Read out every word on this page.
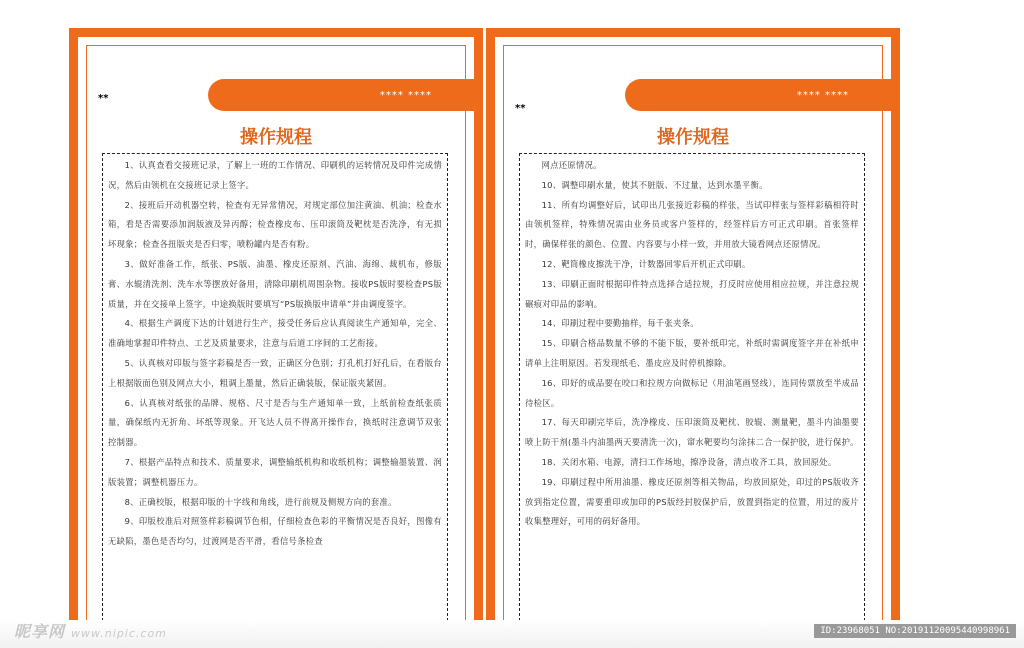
**** ****
**
操作规程

1、认真查看交接班记录，了解上一班的工作情况、印刷机的运转情况及印件完成情况，然后由领机在交接班记录上签字。

2、接班后开动机器空转，检查有无异常情况，对规定部位加注黄油、机油；检查水箱，看是否需要添加润版液及异丙醇；检查橡皮布、压印滚筒及靶枕是否洗净，有无损坏现象；检查各扭版夹是否归零，喷粉罐内是否有粉。

3、做好准备工作，纸张、PS版、油墨、橡皮还原剂、汽油、海绵、裁机布，修版膏、水辊清洗剂、洗车水等摆放好备用，清除印刷机周围杂物。接收PS版时要检查PS版质量，并在交接单上签字，中途换版时要填写“PS版换版申请单”并由调度签字。

4、根据生产调度下达的计划进行生产，接受任务后应认真阅读生产通知单，完全、准确地掌握印件特点、工艺及质量要求，注意与后道工序间的工艺衔接。

5、认真核对印版与签字彩稿是否一致，正确区分色别；打孔机打好孔后，在看版台上根据版面色别及网点大小，粗调上墨量，然后正确装版，保证版夹紧固。

6、认真核对纸张的品牌、规格、尺寸是否与生产通知单一致，上纸前检查纸张质量，确保纸内无折角、坏纸等现象。开飞达人员不得离开操作台，换纸时注意调节双张控制器。

7、根据产品特点和技术、质量要求，调整输纸机构和收纸机构；调整输墨装置、润版装置；调整机器压力。

8、正确校版，根据印版的十字线和角线，进行前规及侧规方向的套准。

9、印版校准后对照签样彩稿调节色相，仔细检查色彩的平衡情况是否良好，图像有无缺陷，墨色是否均匀，过渡网是否平滑，看信号条检查

**** ****
**
操作规程

网点还原情况。

10、调整印刷水量，使其不脏版、不过量，达到水墨平衡。

11、所有均调整好后，试印出几张接近彩稿的样张，当试印样张与签样彩稿相符时由领机签样，特殊情况需由业务员或客户签样的，经签样后方可正式印刷。首张签样时，确保样张的颜色、位置、内容要与小样一致，并用放大镜看网点还原情况。

12、靶筒橡皮擦洗干净，计数器回零后开机正式印刷。

13、印刷正面时根据印件特点选择合适拉规，打反时应使用相应拉规，并注意拉规碾痕对印品的影响。

14、印刷过程中要勤抽样，每千张夹条。

15、印刷合格品数量不够的不能下版，要补纸印完，补纸时需调度签字并在补纸申请单上注明原因。若发现纸毛、墨皮应及时停机擦除。

16、印好的成品要在咬口和拉规方向做标记（用油笔画竖线），连同传票放至半成品待检区。

17、每天印刷完毕后，洗净橡皮、压印滚筒及靶枕、胶辊、测量靶，墨斗内油墨要喷上防干剂(墨斗内油墨两天要清洗一次)，窜水靶要均匀涂抹二合一保护胶，进行保护。

18、关闭水箱、电源，清扫工作场地，擦净设备，清点收齐工具，放回原处。

19、印刷过程中所用油墨、橡皮还原剂等相关物品，均放回原处，印过的PS版收齐放到指定位置，需要重印或加印的PS版经封胶保护后，放置到指定的位置，用过的废片收集整理好，可用的码好备用。

昵享网 www.nipic.com	ID:23968051 NO:20191120095440998961
